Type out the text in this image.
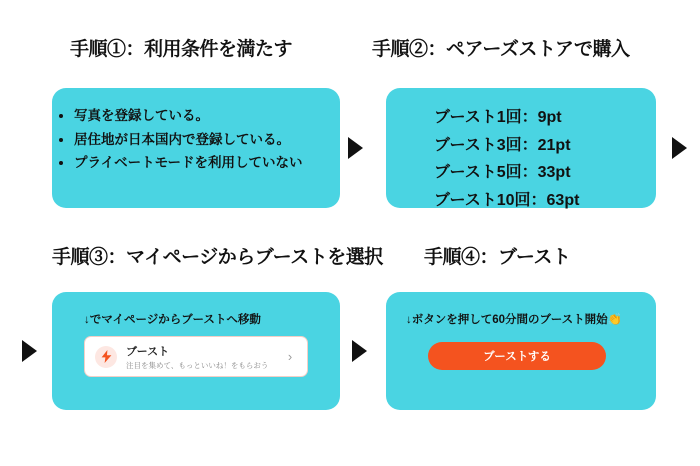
手順①：利用条件を満たす
• 写真を登録している。
• 居住地が日本国内で登録している。
• プライベートモードを利用していない
手順②：ペアーズストアで購入
ブースト1回：9pt
ブースト3回：21pt
ブースト5回：33pt
ブースト10回：63pt
手順③：マイページからブーストを選択
↓でマイページからブーストへ移動
ブースト
注目を集めて、もっといいね！をもらおう
›
手順④：ブースト
↓ボタンを押して60分間のブースト開始👏
ブーストする
